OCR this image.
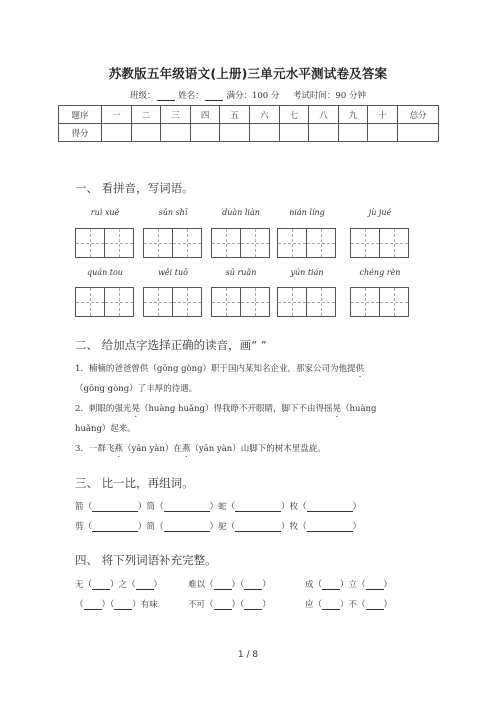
苏教版五年级语文(上册)三单元水平测试卷及答案
班级：	姓名：	满分：100 分 考试时间：90 分钟
题序	一	二	三	四	五	六	七	八	九	十	总分
得分											
一、 看拼音，写词语。
ruì xuě	sǔn shī	duàn liàn	nián líng	jù jué
quán tou	wěi tuō	sū ruǎn	yún tián	chéng rèn
二、 给加点字选择正确的读音，画“ ”
1．楠楠的爸爸曾供（gōng gòng）职于国内某知名企业，那家公司为他提供
（gōng gòng）了丰厚的待遇。
2．刺眼的强光晃（huàng huǎng）得我睁不开眼睛，脚下不由得摇晃（huàng
huǎng）起来。
3．一群飞燕（yān yàn）在燕（yān yàn）山脚下的树木里盘旋。
三、 比一比，再组词。
箭（	）筒（	）蛇（	）枚（	）
剪（	）简（	）驼（	）牧（	）
四、 将下列词语补充完整。
无（ ）之（ ）	难以（ ）（ ）	成（ ）立（ ）
（ ）（ ）有味	不可（ ）（ ）	应（ ）不（ ）
1 / 8
